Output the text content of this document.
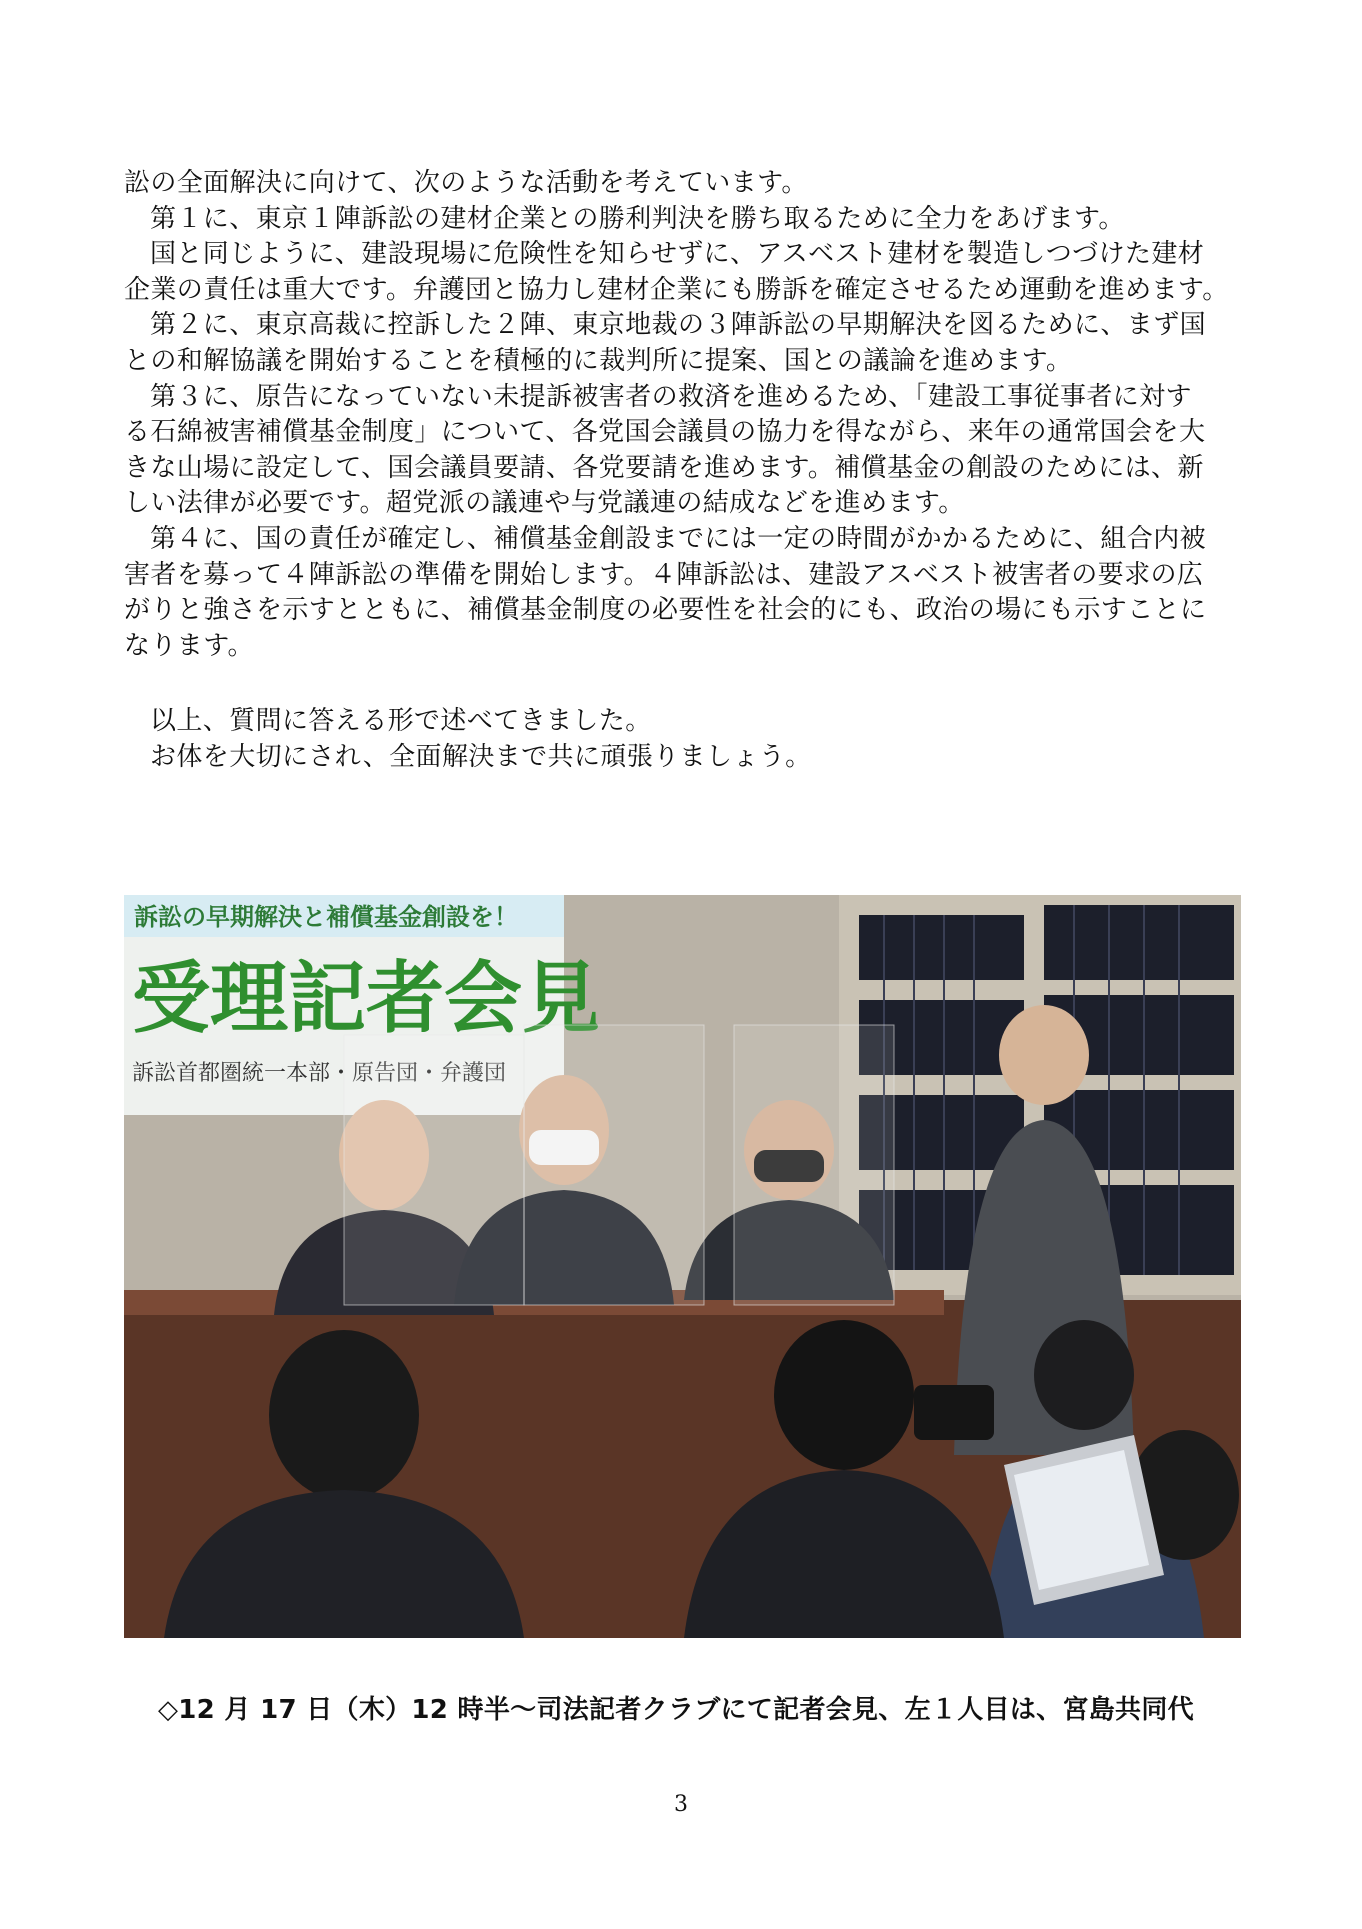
訟の全面解決に向けて、次のような活動を考えています。
第１に、東京１陣訴訟の建材企業との勝利判決を勝ち取るために全力をあげます。
国と同じように、建設現場に危険性を知らせずに、アスベスト建材を製造しつづけた建材
企業の責任は重大です。弁護団と協力し建材企業にも勝訴を確定させるため運動を進めます。
第２に、東京高裁に控訴した２陣、東京地裁の３陣訴訟の早期解決を図るために、まず国
との和解協議を開始することを積極的に裁判所に提案、国との議論を進めます。
第３に、原告になっていない未提訴被害者の救済を進めるため、「建設工事従事者に対す
る石綿被害補償基金制度」について、各党国会議員の協力を得ながら、来年の通常国会を大
きな山場に設定して、国会議員要請、各党要請を進めます。補償基金の創設のためには、新
しい法律が必要です。超党派の議連や与党議連の結成などを進めます。
第４に、国の責任が確定し、補償基金創設までには一定の時間がかかるために、組合内被
害者を募って４陣訴訟の準備を開始します。４陣訴訟は、建設アスベスト被害者の要求の広
がりと強さを示すとともに、補償基金制度の必要性を社会的にも、政治の場にも示すことに
なります。
以上、質問に答える形で述べてきました。
お体を大切にされ、全面解決まで共に頑張りましょう。
訴訟の早期解決と補償基金創設を！
受理記者会見
訴訟首都圏統一本部・原告団・弁護団
◇12 月 17 日（木）12 時半～司法記者クラブにて記者会見、左１人目は、宮島共同代
3
